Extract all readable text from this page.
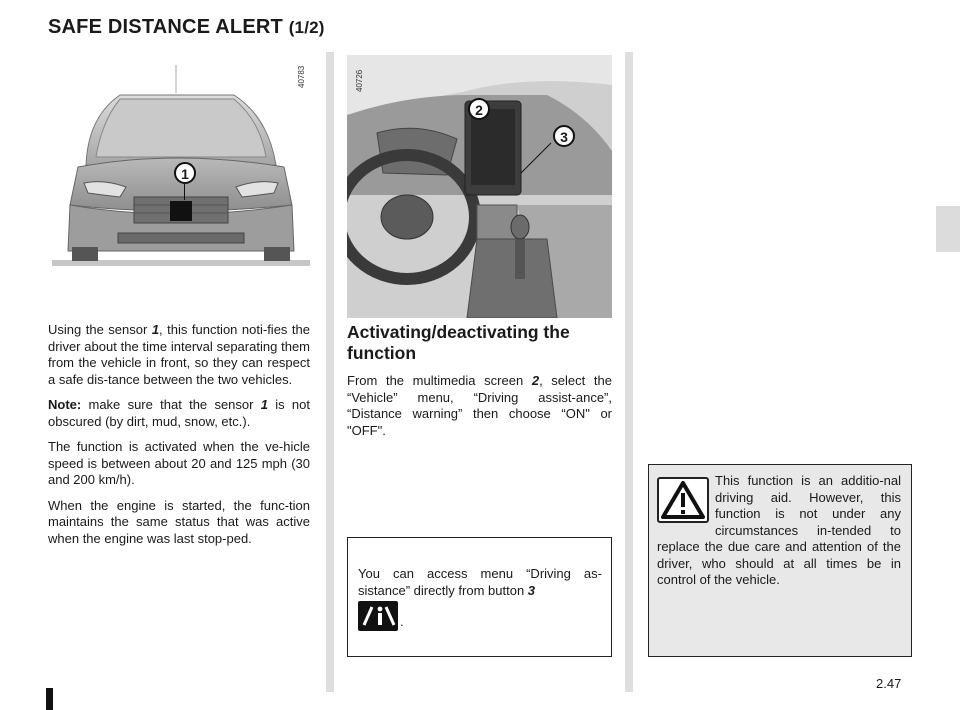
SAFE DISTANCE ALERT (1/2)
1
40783
2
3
40726

Using the sensor 1, this function noti-fies the driver about the time interval separating them from the vehicle in front, so they can respect a safe dis-tance between the two vehicles.

Note: make sure that the sensor 1 is not obscured (by dirt, mud, snow, etc.).

The function is activated when the ve-hicle speed is between about 20 and 125 mph (30 and 200 km/h).

When the engine is started, the func-tion maintains the same status that was active when the engine was last stop-ped.

Activating/deactivating the function

From the multimedia screen 2, select the “Vehicle” menu, “Driving assist-ance”, “Distance warning” then choose “ON" or "OFF".

You can access menu “Driving as-sistance” directly from button 3
.
This function is an additio-nal driving aid. However, this function is not under any circumstances in-tended to replace the due care and attention of the driver, who should at all times be in control of the vehicle.
2.47
